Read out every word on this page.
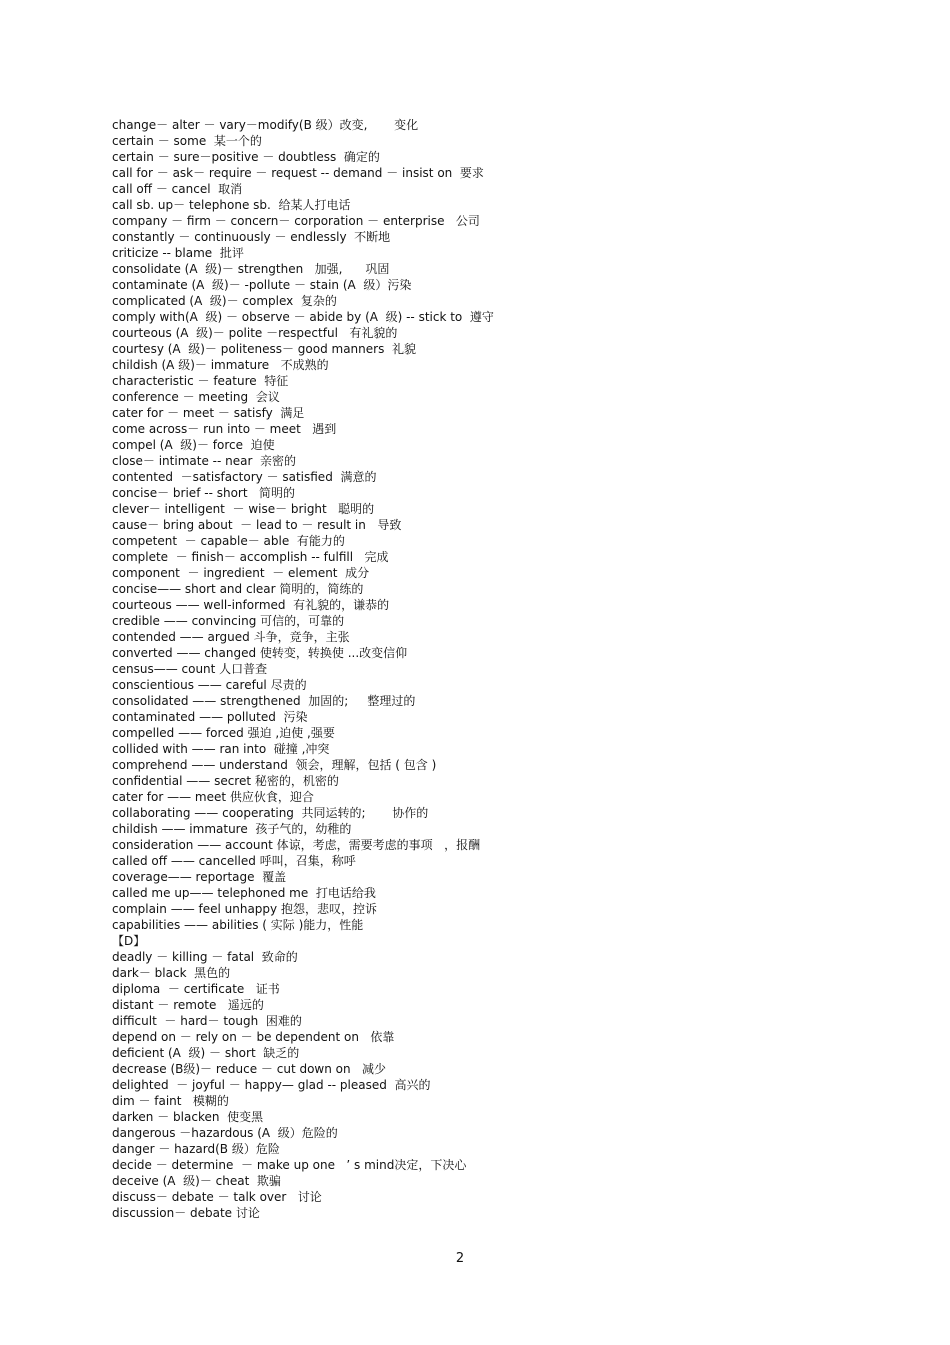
change－ alter － vary－modify(B 级）改变,       变化
certain － some  某一个的
certain － sure－positive － doubtless  确定的
call for － ask－ require － request -- demand － insist on  要求
call off － cancel  取消
call sb. up－ telephone sb.  给某人打电话
company － firm － concern－ corporation － enterprise   公司
constantly － continuously － endlessly  不断地
criticize -- blame  批评
consolidate (A  级)－ strengthen   加强,      巩固
contaminate (A  级)－ -pollute － stain (A  级）污染
complicated (A  级)－ complex  复杂的
comply with(A  级) － observe － abide by (A  级) -- stick to  遵守
courteous (A  级)－ polite －respectful   有礼貌的
courtesy (A  级)－ politeness－ good manners  礼貌
childish (A 级)－ immature   不成熟的
characteristic － feature  特征
conference － meeting  会议
cater for － meet － satisfy  满足
come across－ run into － meet   遇到
compel (A  级)－ force  迫使
close－ intimate -- near  亲密的
contented  －satisfactory － satisfied  满意的
concise－ brief -- short   简明的
clever－ intelligent  － wise－ bright   聪明的
cause－ bring about  － lead to － result in   导致
competent  － capable－ able  有能力的
complete  － finish－ accomplish -- fulfill   完成
component  － ingredient  － element  成分
concise—— short and clear 简明的，简练的
courteous —— well-informed  有礼貌的，谦恭的
credible —— convincing 可信的，可靠的
contended —— argued 斗争，竞争，主张
converted —— changed 使转变，转换使 ...改变信仰
census—— count 人口普查
conscientious —— careful 尽责的
consolidated —— strengthened  加固的;     整理过的
contaminated —— polluted  污染
compelled —— forced 强迫 ,迫使 ,强要
collided with —— ran into  碰撞 ,冲突
comprehend —— understand  领会，理解，包括 ( 包含 )
confidential —— secret 秘密的，机密的
cater for —— meet 供应伙食，迎合
collaborating —— cooperating  共同运转的;       协作的
childish —— immature  孩子气的，幼稚的
consideration —— account 体谅，考虑，需要考虑的事项   ，报酬
called off —— cancelled 呼叫，召集，称呼
coverage—— reportage  覆盖
called me up—— telephoned me  打电话给我
complain —— feel unhappy 抱怨，悲叹，控诉
capabilities —— abilities ( 实际 )能力，性能
【D】
deadly － killing － fatal  致命的
dark－ black  黑色的
diploma  － certificate   证书
distant － remote   遥远的
difficult  － hard－ tough  困难的
depend on － rely on － be dependent on   依靠
deficient (A  级) － short  缺乏的
decrease (B级)－ reduce － cut down on   减少
delighted  － joyful － happy— glad -- pleased  高兴的
dim － faint   模糊的
darken － blacken  使变黑
dangerous －hazardous (A  级）危险的
danger － hazard(B 级）危险
decide － determine  － make up one   ’ s mind决定，下决心
deceive (A  级)－ cheat  欺骗
discuss－ debate － talk over   讨论
discussion－ debate 讨论
2
